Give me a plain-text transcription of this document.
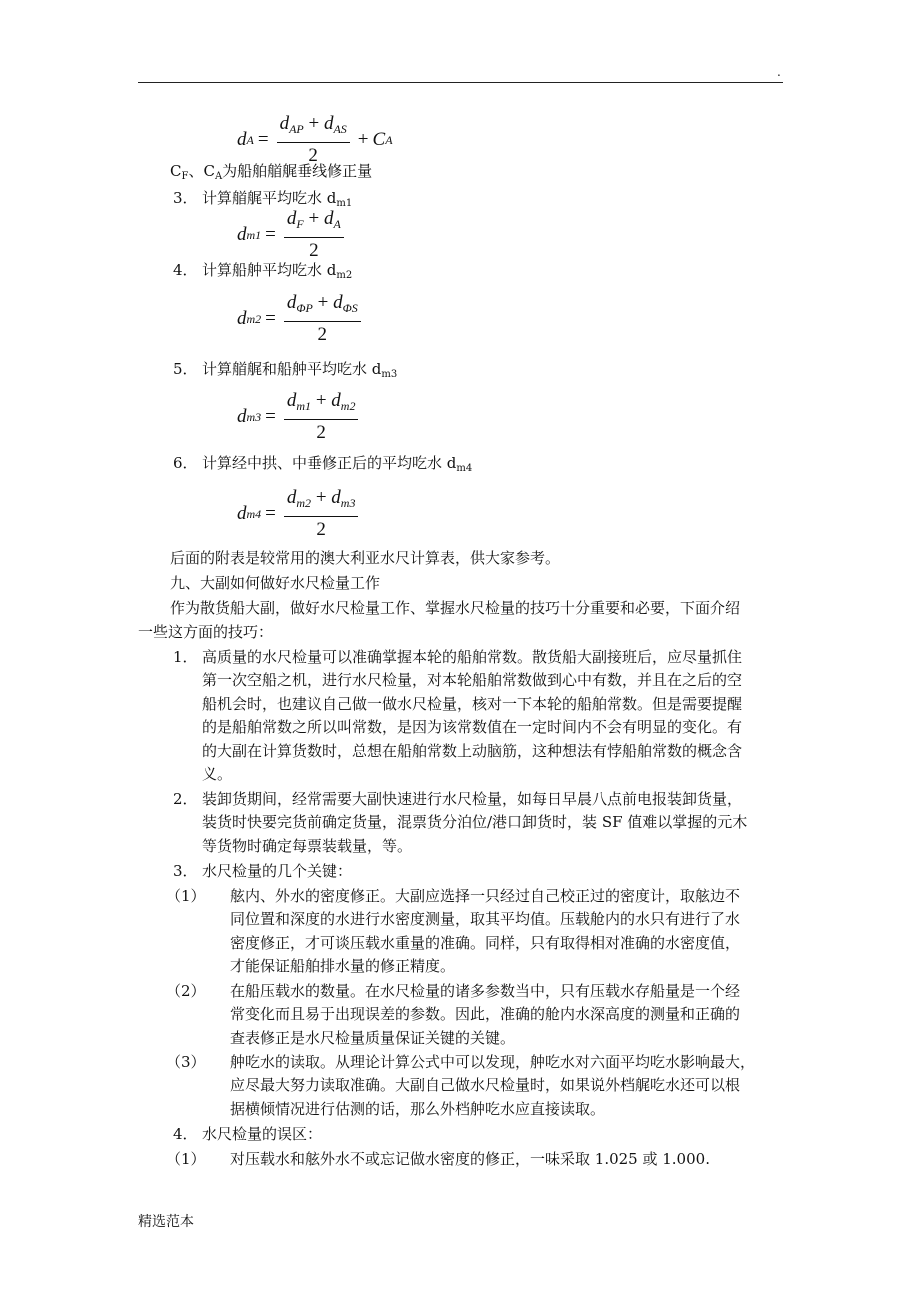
.
d $A = \frac{d_{AP} + d_{AS}}{2} + C$ A
$C_F$、$C_A$为船舶艏艉垂线修正量
3． 计算艏艉平均吃水 $d_{m1}$
d $m1 = \frac{d_F + d_A}{2}$
4． 计算船舯平均吃水 $d_{m2}$
d $m2 = \frac{d_{\Phi P} + d_{\Phi S}}{2}$
5． 计算艏艉和船舯平均吃水 $d_{m3}$
d $m3 = \frac{d_{m1} + d_{m2}}{2}$
6． 计算经中拱、中垂修正后的平均吃水 $d_{m4}$
d $m4 = \frac{d_{m2} + d_{m3}}{2}$
后面的附表是较常用的澳大利亚水尺计算表，供大家参考。
九、大副如何做好水尺检量工作
作为散货船大副，做好水尺检量工作、掌握水尺检量的技巧十分重要和必要，下面介绍
一些这方面的技巧：
1． 高质量的水尺检量可以准确掌握本轮的船舶常数。散货船大副接班后，应尽量抓住
第一次空船之机，进行水尺检量，对本轮船舶常数做到心中有数，并且在之后的空
船机会时，也建议自己做一做水尺检量，核对一下本轮的船舶常数。但是需要提醒
的是船舶常数之所以叫常数，是因为该常数值在一定时间内不会有明显的变化。有
的大副在计算货数时，总想在船舶常数上动脑筋，这种想法有悖船舶常数的概念含
义。
2． 装卸货期间，经常需要大副快速进行水尺检量，如每日早晨八点前电报装卸货量，
装货时快要完货前确定货量，混票货分泊位/港口卸货时，装 SF 值难以掌握的元木
等货物时确定每票装载量，等。
3． 水尺检量的几个关键：
（1） 舷内、外水的密度修正。大副应选择一只经过自己校正过的密度计，取舷边不
同位置和深度的水进行水密度测量，取其平均值。压载舱内的水只有进行了水
密度修正，才可谈压载水重量的准确。同样，只有取得相对准确的水密度值，
才能保证船舶排水量的修正精度。
（2） 在船压载水的数量。在水尺检量的诸多参数当中，只有压载水存船量是一个经
常变化而且易于出现误差的参数。因此，准确的舱内水深高度的测量和正确的
查表修正是水尺检量质量保证关键的关键。
（3） 舯吃水的读取。从理论计算公式中可以发现，舯吃水对六面平均吃水影响最大，
应尽最大努力读取准确。大副自己做水尺检量时，如果说外档艉吃水还可以根
据横倾情况进行估测的话，那么外档舯吃水应直接读取。
4． 水尺检量的误区：
（1） 对压载水和舷外水不或忘记做水密度的修正，一味采取 1.025 或 1.000.
精选范本
